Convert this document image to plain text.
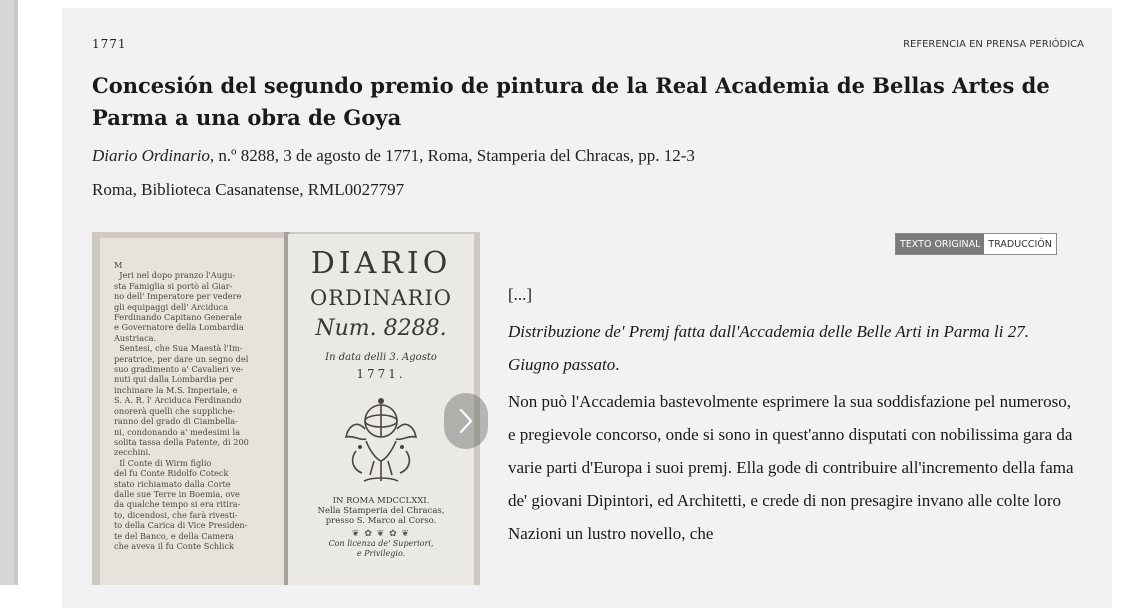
1771	REFERENCIA EN PRENSA PERIÓDICA
Concesión del segundo premio de pintura de la Real Academia de Bellas Artes de Parma a una obra de Goya
Diario Ordinario, n.º 8288, 3 de agosto de 1771, Roma, Stamperia del Chracas, pp. 12-3
Roma, Biblioteca Casanatense, RML0027797
M
Jeri nel dopo pranzo l'Augu-
sta Famiglia si portò al Giar-
no dell' Imperatore per vedere
gli equipaggi dell' Arciduca
Ferdinando Capitano Generale
e Governatore della Lombardia
Austriaca.
Sentesi, che Sua Maestà l'Im-
peratrice, per dare un segno del
suo gradimento a' Cavalieri ve-
nuti qui dalla Lombardia per
inchinare la M.S. Imperiale, e
S. A. R. l' Arciduca Ferdinando
onorerà quelli che suppliche-
ranno del grado di Ciambella-
ni, condonando a' medesimi la
solita tassa della Patente, di 200
zecchini.
Il Conte di Wirm figlio
del fu Conte Ridolfo Coteck
stato richiamato dalla Corte
dalle sue Terre in Boemia, ove
da qualche tempo si era ritira-
to, dicendosi, che farà rivesti-
to della Carica di Vice Presiden-
te del Banco, e della Camera
che aveva il fu Conte Schlick
DIARIO
ORDINARIO
Num. 8288.
In data delli 3. Agosto
1771.
IN ROMA MDCCLXXI.
Nella Stamperia del Chracas,
presso S. Marco al Corso.
❦ ✿ ❦ ✿ ❦
Con licenza de' Superiori,
e Privilegio.
TEXTO ORIGINAL TRADUCCIÓN

[...]

Distribuzione de' Premj fatta dall'Accademia delle Belle Arti in Parma li 27. Giugno passato.

Non può l'Accademia bastevolmente esprimere la sua soddisfazione pel numeroso, e pregievole concorso, onde si sono in quest'anno disputati con nobilissima gara da varie parti d'Europa i suoi premj. Ella gode di contribuire all'incremento della fama de' giovani Dipintori, ed Architetti, e crede di non presagire invano alle colte loro Nazioni un lustro novello, che
